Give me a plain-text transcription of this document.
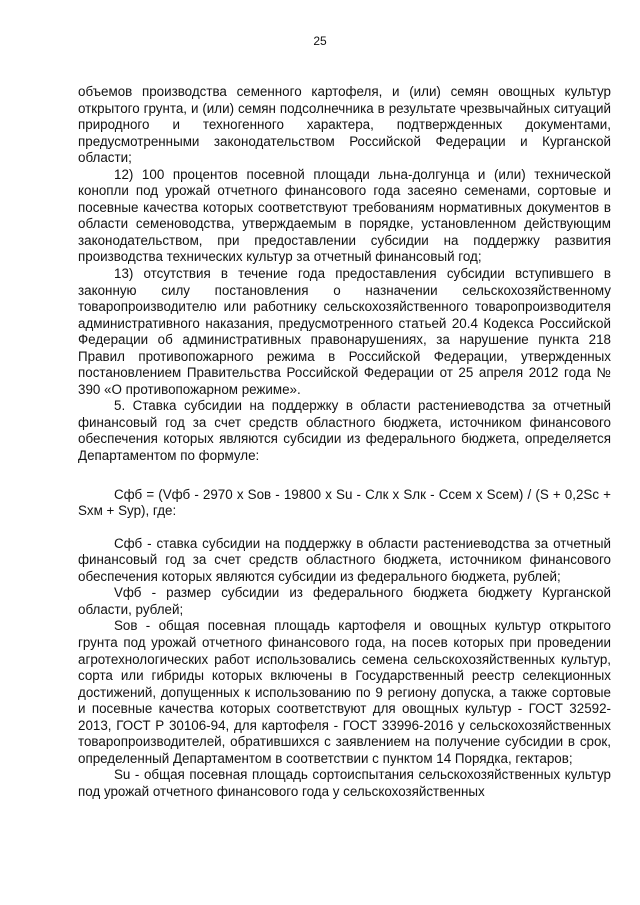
25

объемов производства семенного картофеля, и (или) семян овощных культур открытого грунта, и (или) семян подсолнечника в результате чрезвычайных ситуаций природного и техногенного характера, подтвержденных документами, предусмотренными законодательством Российской Федерации и Курганской области;

12) 100 процентов посевной площади льна-долгунца и (или) технической конопли под урожай отчетного финансового года засеяно семенами, сортовые и посевные качества которых соответствуют требованиям нормативных документов в области семеноводства, утверждаемым в порядке, установленном действующим законодательством, при предоставлении субсидии на поддержку развития производства технических культур за отчетный финансовый год;

13) отсутствия в течение года предоставления субсидии вступившего в законную силу постановления о назначении сельскохозяйственному товаропроизводителю или работнику сельскохозяйственного товаропроизводителя административного наказания, предусмотренного статьей 20.4 Кодекса Российской Федерации об административных правонарушениях, за нарушение пункта 218 Правил противопожарного режима в Российской Федерации, утвержденных постановлением Правительства Российской Федерации от 25 апреля 2012 года № 390 «О противопожарном режиме».

5. Ставка субсидии на поддержку в области растениеводства за отчетный финансовый год за счет средств областного бюджета, источником финансового обеспечения которых являются субсидии из федерального бюджета, определяется Департаментом по формуле:

Сфб = (Vфб - 2970 x Sов - 19800 x Su - Слк x Sлк - Ссем x Sсем) / (S + 0,2Sc + Sхм + Sур), где:

Сфб - ставка субсидии на поддержку в области растениеводства за отчетный финансовый год за счет средств областного бюджета, источником финансового обеспечения которых являются субсидии из федерального бюджета, рублей;

Vфб - размер субсидии из федерального бюджета бюджету Курганской области, рублей;

Sов - общая посевная площадь картофеля и овощных культур открытого грунта под урожай отчетного финансового года, на посев которых при проведении агротехнологических работ использовались семена сельскохозяйственных культур, сорта или гибриды которых включены в Государственный реестр селекционных достижений, допущенных к использованию по 9 региону допуска, а также сортовые и посевные качества которых соответствуют для овощных культур - ГОСТ 32592-2013, ГОСТ Р 30106-94, для картофеля - ГОСТ 33996-2016 у сельскохозяйственных товаропроизводителей, обратившихся с заявлением на получение субсидии в срок, определенный Департаментом в соответствии с пунктом 14 Порядка, гектаров;

Su - общая посевная площадь сортоиспытания сельскохозяйственных культур под урожай отчетного финансового года у сельскохозяйственных
